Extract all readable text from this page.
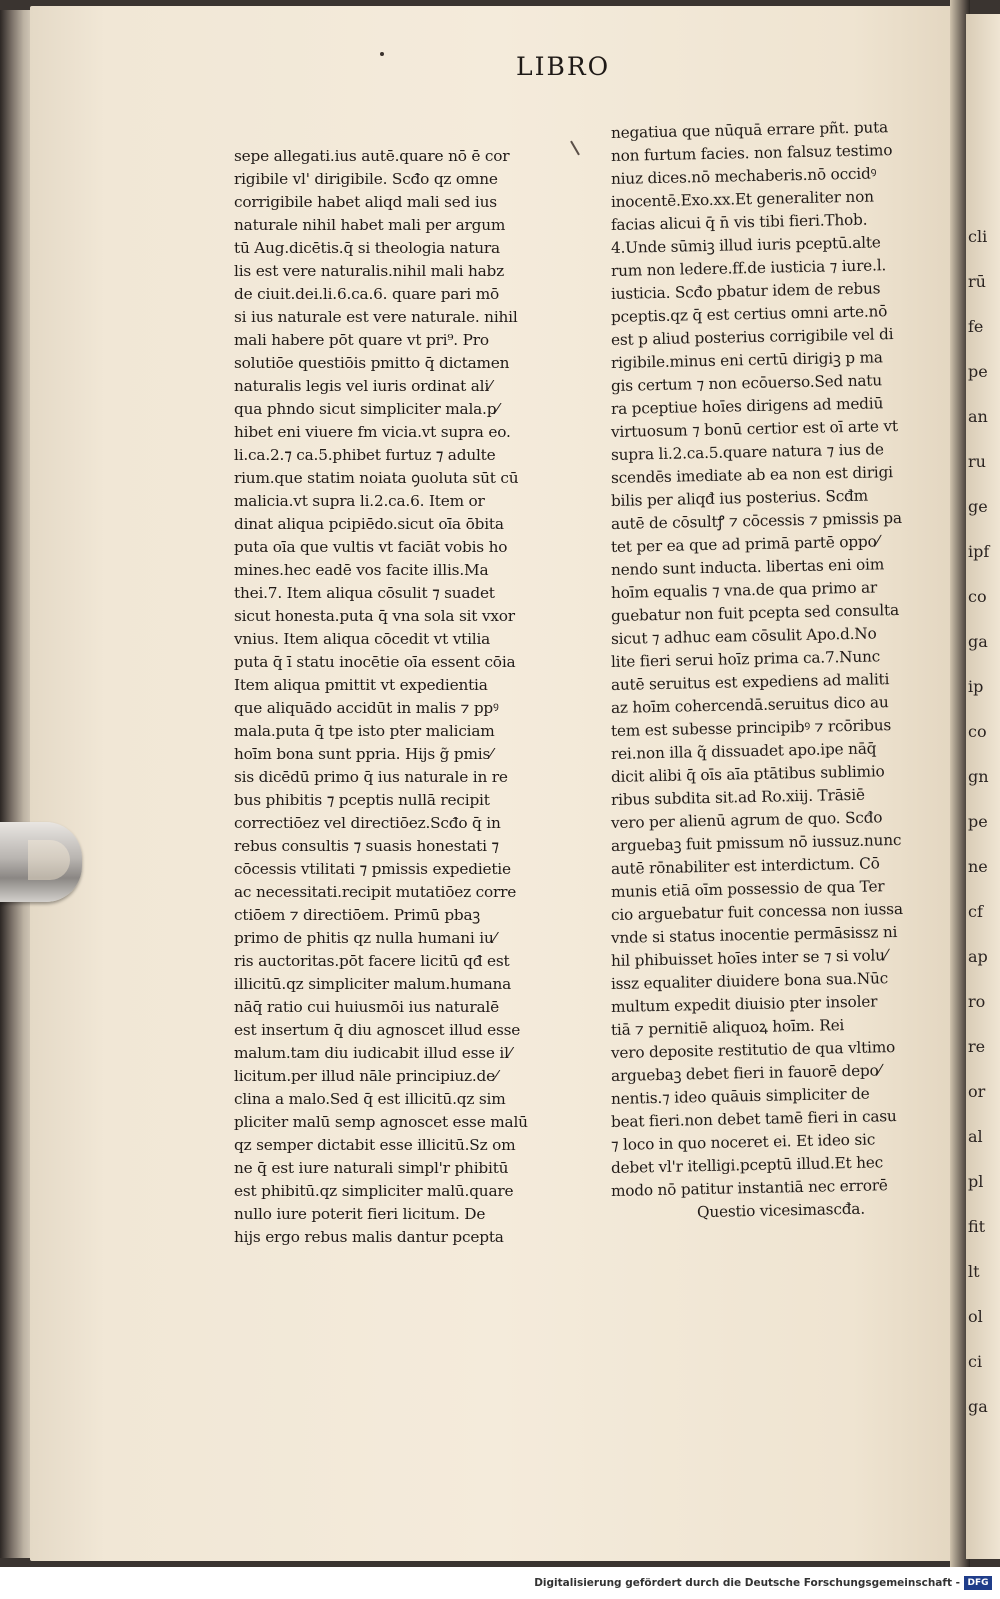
cli
rū
fe
pe
an
ru
ge
ipf
co
ga
ip
co
gn
pe
ne
cf
ap
ro
re
or
al
pl
fit
lt
ol
ci
ga
LIBRO
sepe allegati.ius autē.quare nō ē cor
rigibile vl' dirigibile. Scđo qz omne
corrigibile habet aliqd mali sed ius
naturale nihil habet mali per argum
tū Aug.dicētis.q̄ si theologia natura
lis est vere naturalis.nihil mali habz
de ciuit.dei.li.6.ca.6. quare pari mō
si ius naturale est vere naturale. nihil
mali habere pōt quare vt pri⁹. Pro
solutiōe questiōis pmitto q̄ dictamen
naturalis legis vel iuris ordinat ali⁄
qua phndo sicut simpliciter mala.p⁄
hibet eni viuere fm vicia.vt supra eo.
li.ca.2.⁊ ca.5.phibet furtuz ⁊ adulte
rium.que statim noiata ꝯuoluta sūt cū
malicia.vt supra li.2.ca.6. Item or
dinat aliqua pcipiēdo.sicut oīa ōbita
puta oīa que vultis vt faciāt vobis ho
mines.hec eadē vos facite illis.Ma
thei.7. Item aliqua cōsulit ⁊ suadet
sicut honesta.puta q̄ vna sola sit vxor
vnius. Item aliqua cōcedit vt vtilia
puta q̄ ī statu inocētie oīa essent cōia
Item aliqua pmittit vt expedientia
que aliquādo accidūt in malis ⁊ ppꝰ
mala.puta q̄ tpe isto pter maliciam
hoīm bona sunt ppria. Hijs g̃ pmis⁄
sis dicēdū primo q̄ ius naturale in re
bus phibitis ⁊ pceptis nullā recipit
correctiōez vel directiōez.Scđo q̄ in
rebus consultis ⁊ suasis honestati ⁊
cōcessis vtilitati ⁊ pmissis expedietie
ac necessitati.recipit mutatiōez corre
ctiōem ⁊ directiōem. Primū pbaꝫ
primo de phitis qz nulla humani iu⁄
ris auctoritas.pōt facere licitū qđ est
illicitū.qz simpliciter malum.humana
nāq̄ ratio cui huiusmōi ius naturalē
est insertum q̄ diu agnoscet illud esse
malum.tam diu iudicabit illud esse il⁄
licitum.per illud nāle principiuz.de⁄
clina a malo.Sed q̄ est illicitū.qz sim
pliciter malū semp agnoscet esse malū
qz semper dictabit esse illicitū.Sz om
ne q̄ est iure naturali simpl'r phibitū
est phibitū.qz simpliciter malū.quare
nullo iure poterit fieri licitum. De
hijs ergo rebus malis dantur pcepta
negatiua que nūquā errare pñt. puta
non furtum facies. non falsuz testimo
niuz dices.nō mechaberis.nō occidꝰ
inocentē.Exo.xx.Et generaliter non
facias alicui q̄ n̄ vis tibi fieri.Thob.
4.Unde sūmiꝫ illud iuris pceptū.alte
rum non ledere.ff.de iusticia ⁊ iure.l.
iusticia. Scđo pbatur idem de rebus
pceptis.qz q̄ est certius omni arte.nō
est p aliud posterius corrigibile vel di
rigibile.minus eni certū dirigiꝫ p ma
gis certum ⁊ non ecōuerso.Sed natu
ra pceptiue hoīes dirigens ad mediū
virtuosum ⁊ bonū certior est oī arte vt
supra li.2.ca.5.quare natura ⁊ ius de
scendēs imediate ab ea non est dirigi
bilis per aliqđ ius posterius. Scđm
autē de cōsultꝭ ⁊ cōcessis ⁊ pmissis pa
tet per ea que ad primā partē oppo⁄
nendo sunt inducta. libertas eni oim
hoīm equalis ⁊ vna.de qua primo ar
guebatur non fuit pcepta sed consulta
sicut ⁊ adhuc eam cōsulit Apo.d.No
lite fieri serui hoīz prima ca.7.Nunc
autē seruitus est expediens ad maliti
az hoīm cohercendā.seruitus dico au
tem est subesse principibꝰ ⁊ rcōribus
rei.non illa q̃ dissuadet apo.ipe nāq̄
dicit alibi q̄ oīs aīa ptātibus sublimio
ribus subdita sit.ad Ro.xiij. Trāsiē
vero per alienū agrum de quo. Scđo
arguebaꝫ fuit pmissum nō iussuz.nunc
autē rōnabiliter est interdictum. Cō
munis etiā oīm possessio de qua Ter
cio arguebatur fuit concessa non iussa
vnde si status inocentie permāsissz ni
hil phibuisset hoīes inter se ⁊ si volu⁄
issz equaliter diuidere bona sua.Nūc
multum expedit diuisio pter insoler
tiā ⁊ pernitiē aliquoꝝ hoīm. Rei
vero deposite restitutio de qua vltimo
arguebaꝫ debet fieri in fauorē depo⁄
nentis.⁊ ideo quāuis simpliciter de
beat fieri.non debet tamē fieri in casu
⁊ loco in quo noceret ei. Et ideo sic
debet vl'r itelligi.pceptū illud.Et hec
modo nō patitur instantiā nec errorē
Questio vicesimascđa.
Digitalisierung gefördert durch die Deutsche Forschungsgemeinschaft - DFG
